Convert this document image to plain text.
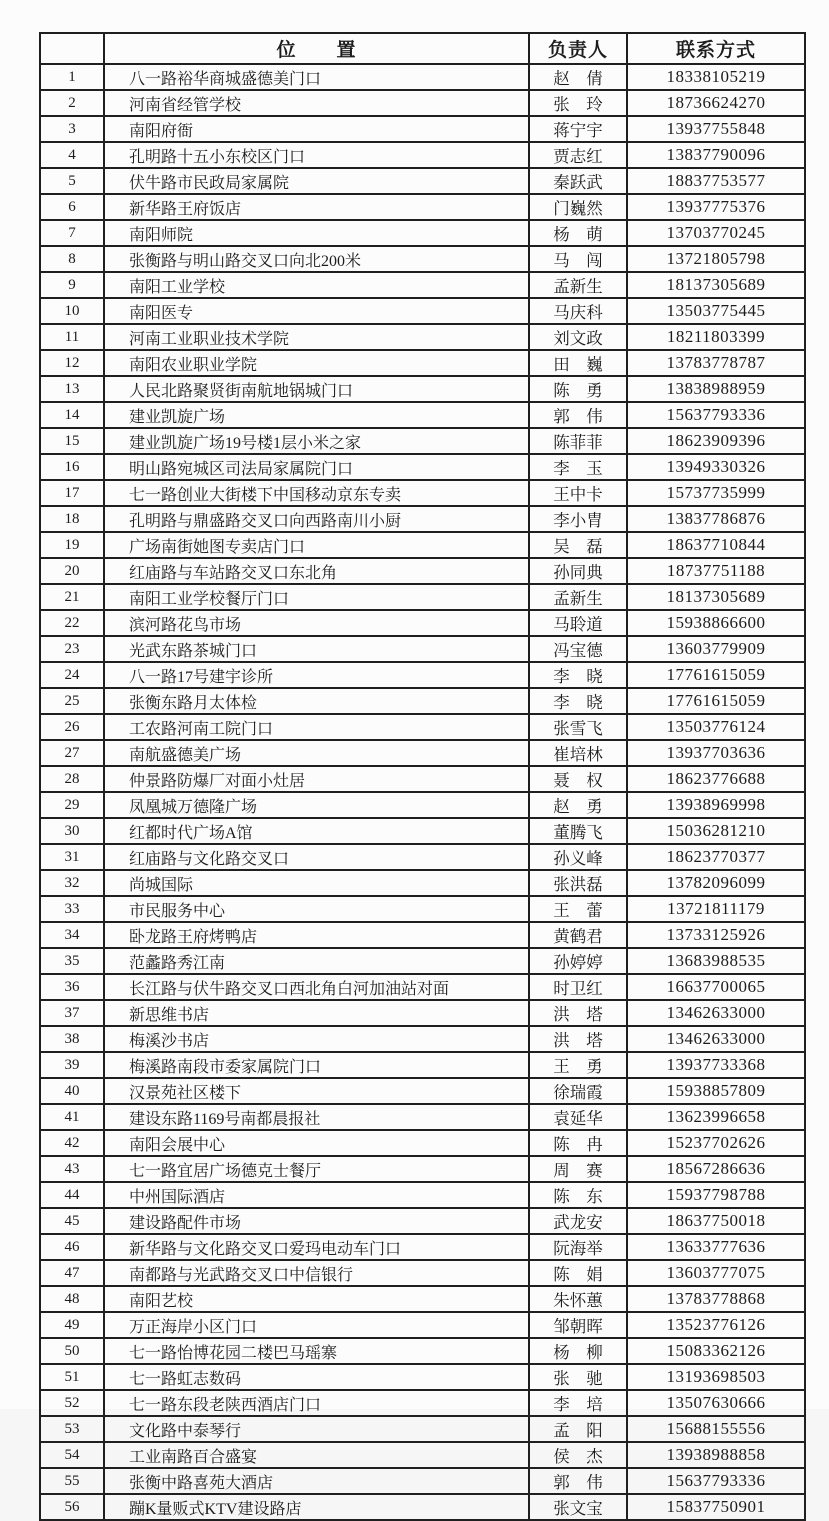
	位　　置	负责人	联系方式
1	八一路裕华商城盛德美门口	赵　倩	18338105219
2	河南省经管学校	张　玲	18736624270
3	南阳府衙	蒋宁宇	13937755848
4	孔明路十五小东校区门口	贾志红	13837790096
5	伏牛路市民政局家属院	秦跃武	18837753577
6	新华路王府饭店	门巍然	13937775376
7	南阳师院	杨　萌	13703770245
8	张衡路与明山路交叉口向北200米	马　闯	13721805798
9	南阳工业学校	孟新生	18137305689
10	南阳医专	马庆科	13503775445
11	河南工业职业技术学院	刘文政	18211803399
12	南阳农业职业学院	田　巍	13783778787
13	人民北路聚贤街南航地锅城门口	陈　勇	13838988959
14	建业凯旋广场	郭　伟	15637793336
15	建业凯旋广场19号楼1层小米之家	陈菲菲	18623909396
16	明山路宛城区司法局家属院门口	李　玉	13949330326
17	七一路创业大街楼下中国移动京东专卖	王中卡	15737735999
18	孔明路与鼎盛路交叉口向西路南川小厨	李小胄	13837786876
19	广场南街她图专卖店门口	吴　磊	18637710844
20	红庙路与车站路交叉口东北角	孙同典	18737751188
21	南阳工业学校餐厅门口	孟新生	18137305689
22	滨河路花鸟市场	马聆道	15938866600
23	光武东路茶城门口	冯宝德	13603779909
24	八一路17号建宇诊所	李　晓	17761615059
25	张衡东路月太体检	李　晓	17761615059
26	工农路河南工院门口	张雪飞	13503776124
27	南航盛德美广场	崔培林	13937703636
28	仲景路防爆厂对面小灶居	聂　权	18623776688
29	凤凰城万德隆广场	赵　勇	13938969998
30	红都时代广场A馆	董腾飞	15036281210
31	红庙路与文化路交叉口	孙义峰	18623770377
32	尚城国际	张洪磊	13782096099
33	市民服务中心	王　蕾	13721811179
34	卧龙路王府烤鸭店	黄鹤君	13733125926
35	范蠡路秀江南	孙婷婷	13683988535
36	长江路与伏牛路交叉口西北角白河加油站对面	时卫红	16637700065
37	新思维书店	洪　塔	13462633000
38	梅溪沙书店	洪　塔	13462633000
39	梅溪路南段市委家属院门口	王　勇	13937733368
40	汉景苑社区楼下	徐瑞霞	15938857809
41	建设东路1169号南都晨报社	袁延华	13623996658
42	南阳会展中心	陈　冉	15237702626
43	七一路宜居广场德克士餐厅	周　赛	18567286636
44	中州国际酒店	陈　东	15937798788
45	建设路配件市场	武龙安	18637750018
46	新华路与文化路交叉口爱玛电动车门口	阮海举	13633777636
47	南都路与光武路交叉口中信银行	陈　娟	13603777075
48	南阳艺校	朱怀蕙	13783778868
49	万正海岸小区门口	邹朝晖	13523776126
50	七一路怡博花园二楼巴马瑶寨	杨　柳	15083362126
51	七一路虹志数码	张　驰	13193698503
52	七一路东段老陕西酒店门口	李　培	13507630666
53	文化路中泰琴行	孟　阳	15688155556
54	工业南路百合盛宴	侯　杰	13938988858
55	张衡中路喜苑大酒店	郭　伟	15637793336
56	蹦K量贩式KTV建设路店	张文宝	15837750901
